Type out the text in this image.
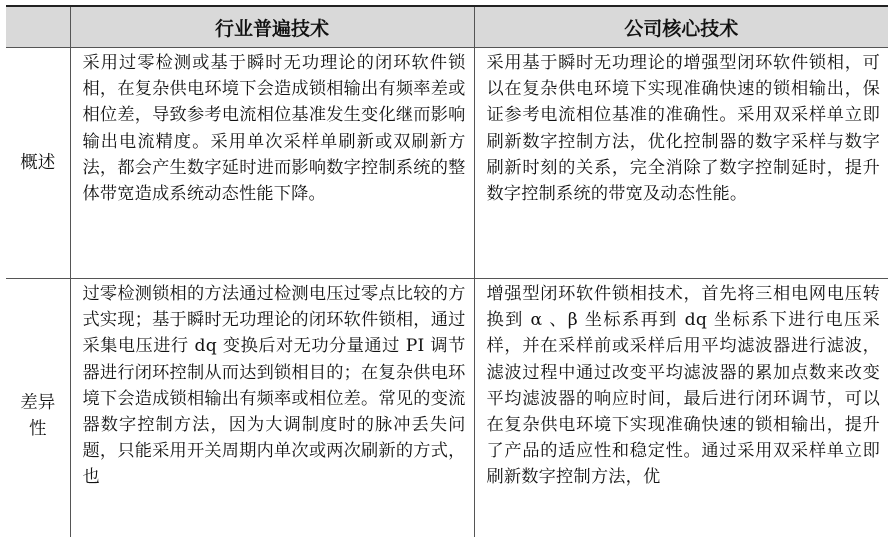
	行业普遍技术	公司核心技术
概述	采用过零检测或基于瞬时无功理论的闭环软件锁相，在复杂供电环境下会造成锁相输出有频率差或相位差，导致参考电流相位基准发生变化继而影响输出电流精度。采用单次采样单刷新或双刷新方法，都会产生数字延时进而影响数字控制系统的整体带宽造成系统动态性能下降。	采用基于瞬时无功理论的增强型闭环软件锁相，可以在复杂供电环境下实现准确快速的锁相输出，保证参考电流相位基准的准确性。采用双采样单立即刷新数字控制方法，优化控制器的数字采样与数字刷新时刻的关系，完全消除了数字控制延时，提升数字控制系统的带宽及动态性能。

差异性	过零检测锁相的方法通过检测电压过零点比较的方式实现；基于瞬时无功理论的闭环软件锁相，通过采集电压进行 dq 变换后对无功分量通过 PI 调节器进行闭环控制从而达到锁相目的；在复杂供电环境下会造成锁相输出有频率或相位差。常见的变流器数字控制方法，因为大调制度时的脉冲丢失问题，只能采用开关周期内单次或两次刷新的方式，也	增强型闭环软件锁相技术，首先将三相电网电压转换到 α 、β 坐标系再到 dq 坐标系下进行电压采样，并在采样前或采样后用平均滤波器进行滤波，滤波过程中通过改变平均滤波器的累加点数来改变平均滤波器的响应时间，最后进行闭环调节，可以在复杂供电环境下实现准确快速的锁相输出，提升了产品的适应性和稳定性。通过采用双采样单立即刷新数字控制方法，优
